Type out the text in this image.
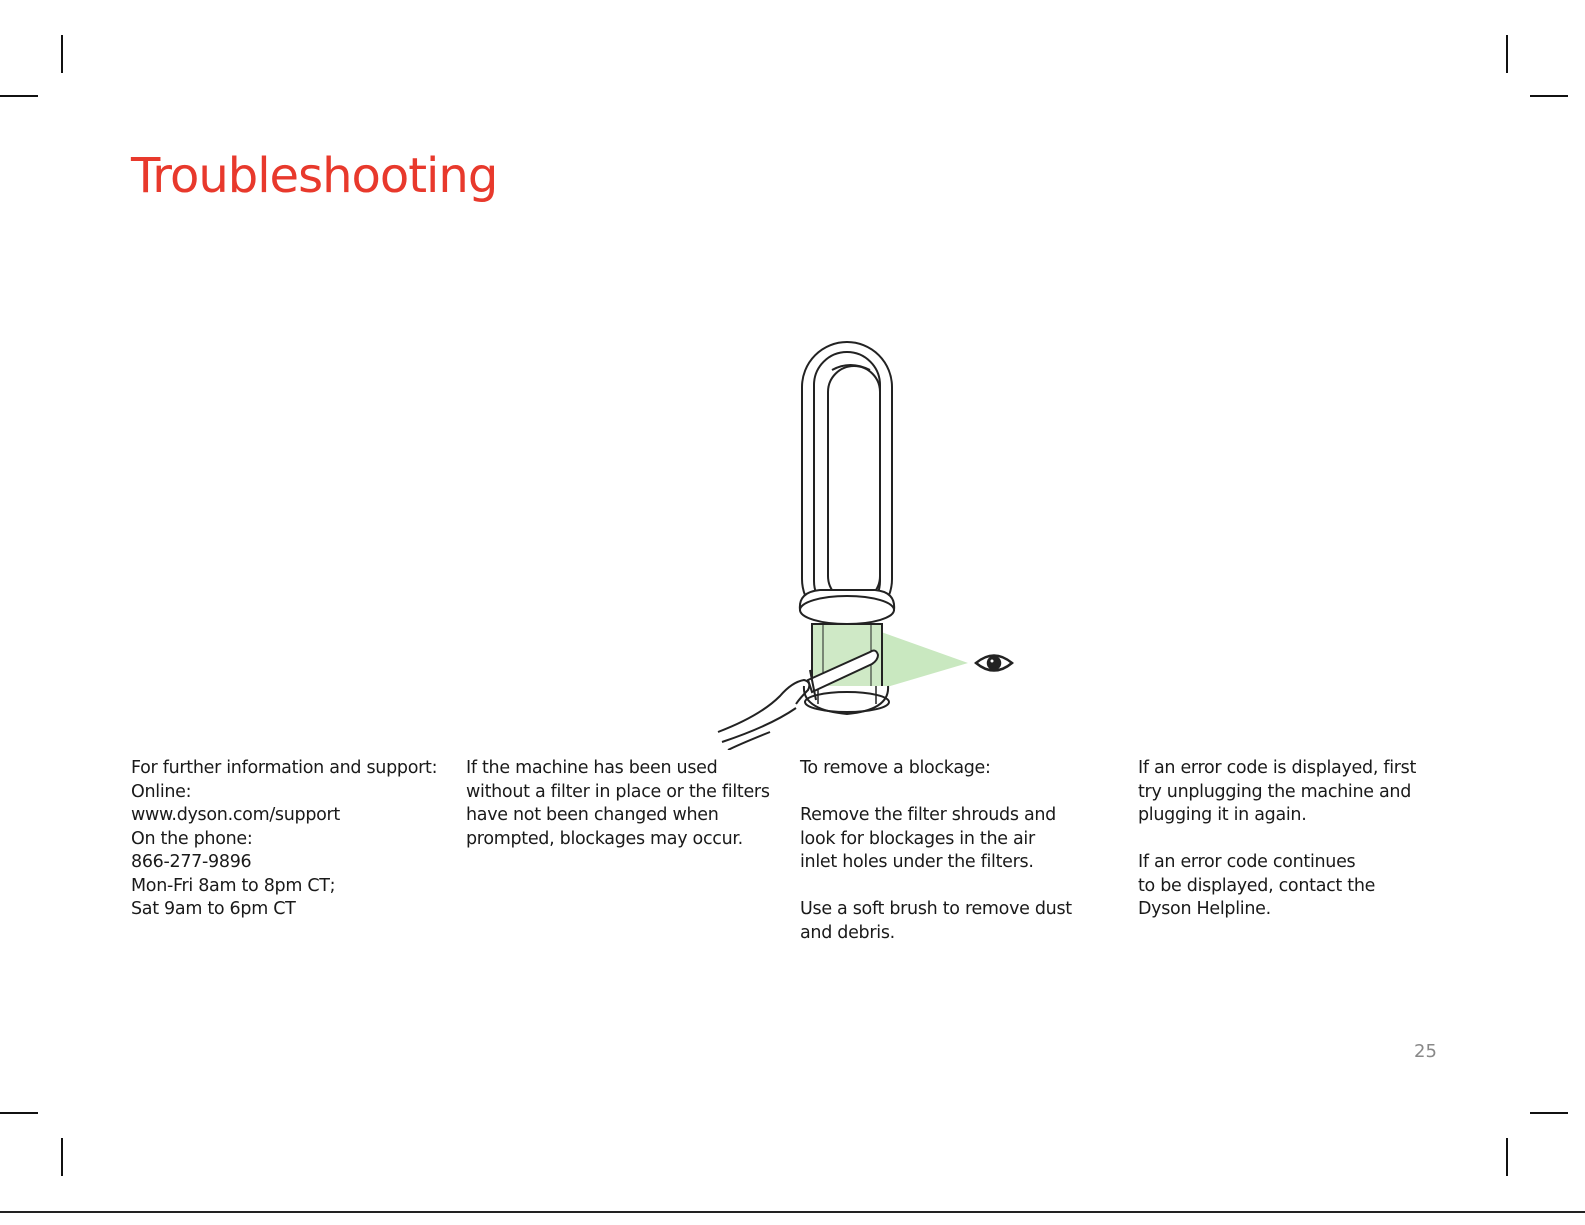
Troubleshooting

For further information and support:

Online:

www.dyson.com/support

On the phone:

866-277-9896

Mon-Fri 8am to 8pm CT;

Sat 9am to 6pm CT

If the machine has been used

without a filter in place or the filters

have not been changed when

prompted, blockages may occur.

To remove a blockage:

Remove the filter shrouds and

look for blockages in the air

inlet holes under the filters.

Use a soft brush to remove dust

and debris.

If an error code is displayed, first

try unplugging the machine and

plugging it in again.

If an error code continues

to be displayed, contact the

Dyson Helpline.

25
